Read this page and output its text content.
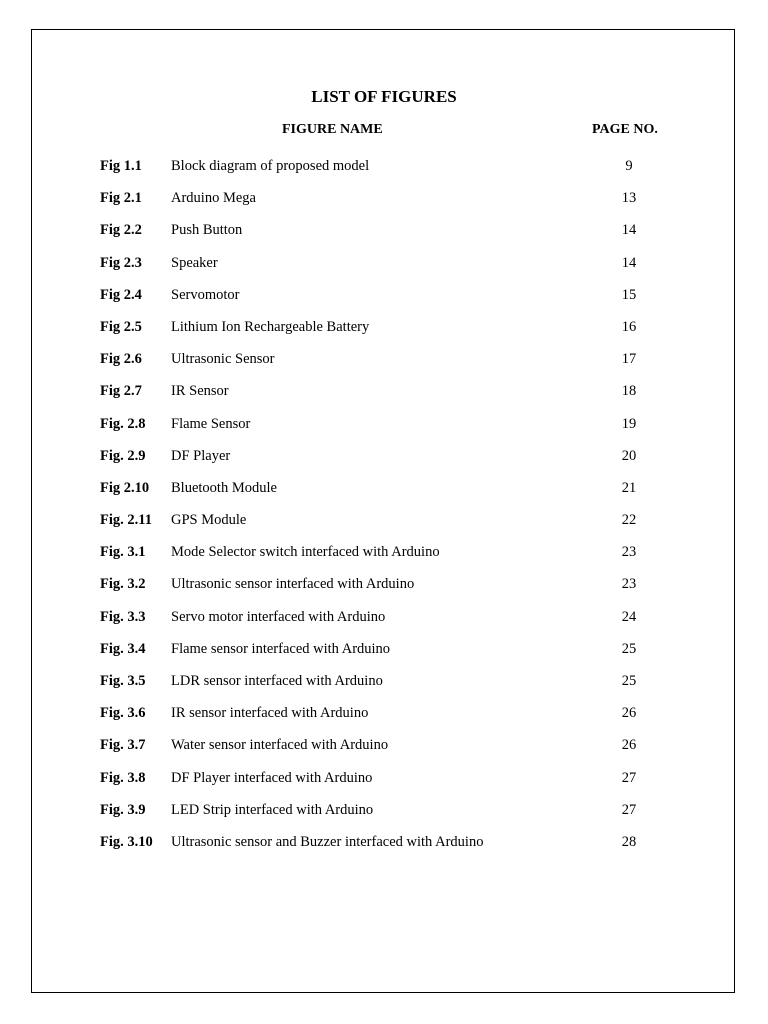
LIST OF FIGURES
FIGURE NAME	PAGE NO.
Fig 1.1 Block diagram of proposed model	9
Fig 2.1 Arduino Mega	13
Fig 2.2 Push Button	14
Fig 2.3 Speaker	14
Fig 2.4 Servomotor	15
Fig 2.5 Lithium Ion Rechargeable Battery	16
Fig 2.6 Ultrasonic Sensor	17
Fig 2.7 IR Sensor	18
Fig. 2.8 Flame Sensor	19
Fig. 2.9 DF Player	20
Fig 2.10 Bluetooth Module	21
Fig. 2.11 GPS Module	22
Fig. 3.1 Mode Selector switch interfaced with Arduino	23
Fig. 3.2 Ultrasonic sensor interfaced with Arduino	23
Fig. 3.3 Servo motor interfaced with Arduino	24
Fig. 3.4 Flame sensor interfaced with Arduino	25
Fig. 3.5 LDR sensor interfaced with Arduino	25
Fig. 3.6 IR sensor interfaced with Arduino	26
Fig. 3.7 Water sensor interfaced with Arduino	26
Fig. 3.8 DF Player interfaced with Arduino	27
Fig. 3.9 LED Strip interfaced with Arduino	27
Fig. 3.10 Ultrasonic sensor and Buzzer interfaced with Arduino	28
